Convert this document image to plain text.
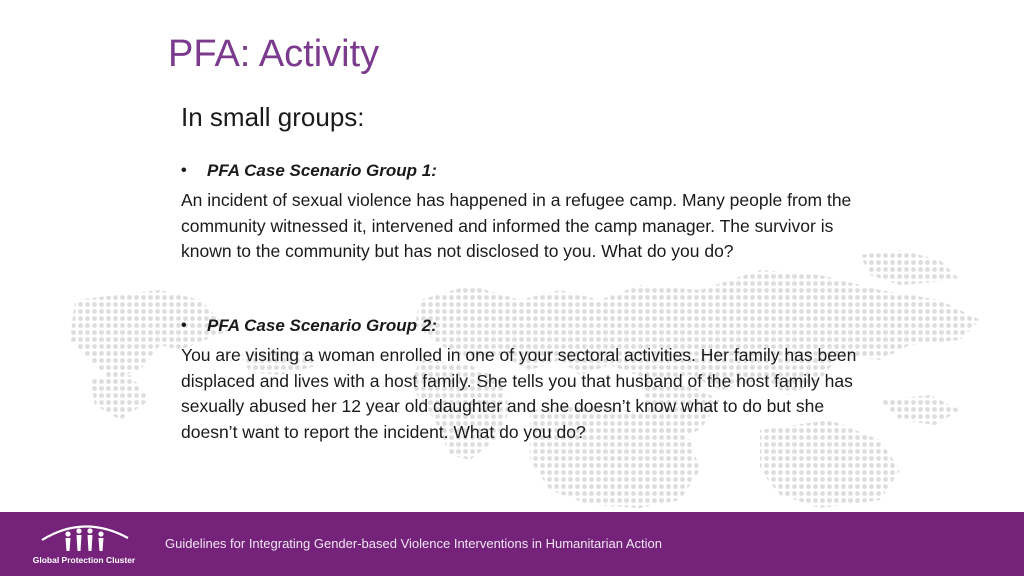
PFA: Activity
In small groups:
•	PFA Case Scenario Group 1:
An incident of sexual violence has happened in a refugee camp. Many people from the community witnessed it, intervened and informed the camp manager. The survivor is known to the community but has not disclosed to you. What do you do?
•	PFA Case Scenario Group 2:
You are visiting a woman enrolled in one of your sectoral activities. Her family has been displaced and lives with a host family. She tells you that husband of the host family has sexually abused her 12 year old daughter and she doesn’t know what to do but she doesn’t want to report the incident. What do you do?
Global Protection Cluster
Guidelines for Integrating Gender-based Violence Interventions in Humanitarian Action
